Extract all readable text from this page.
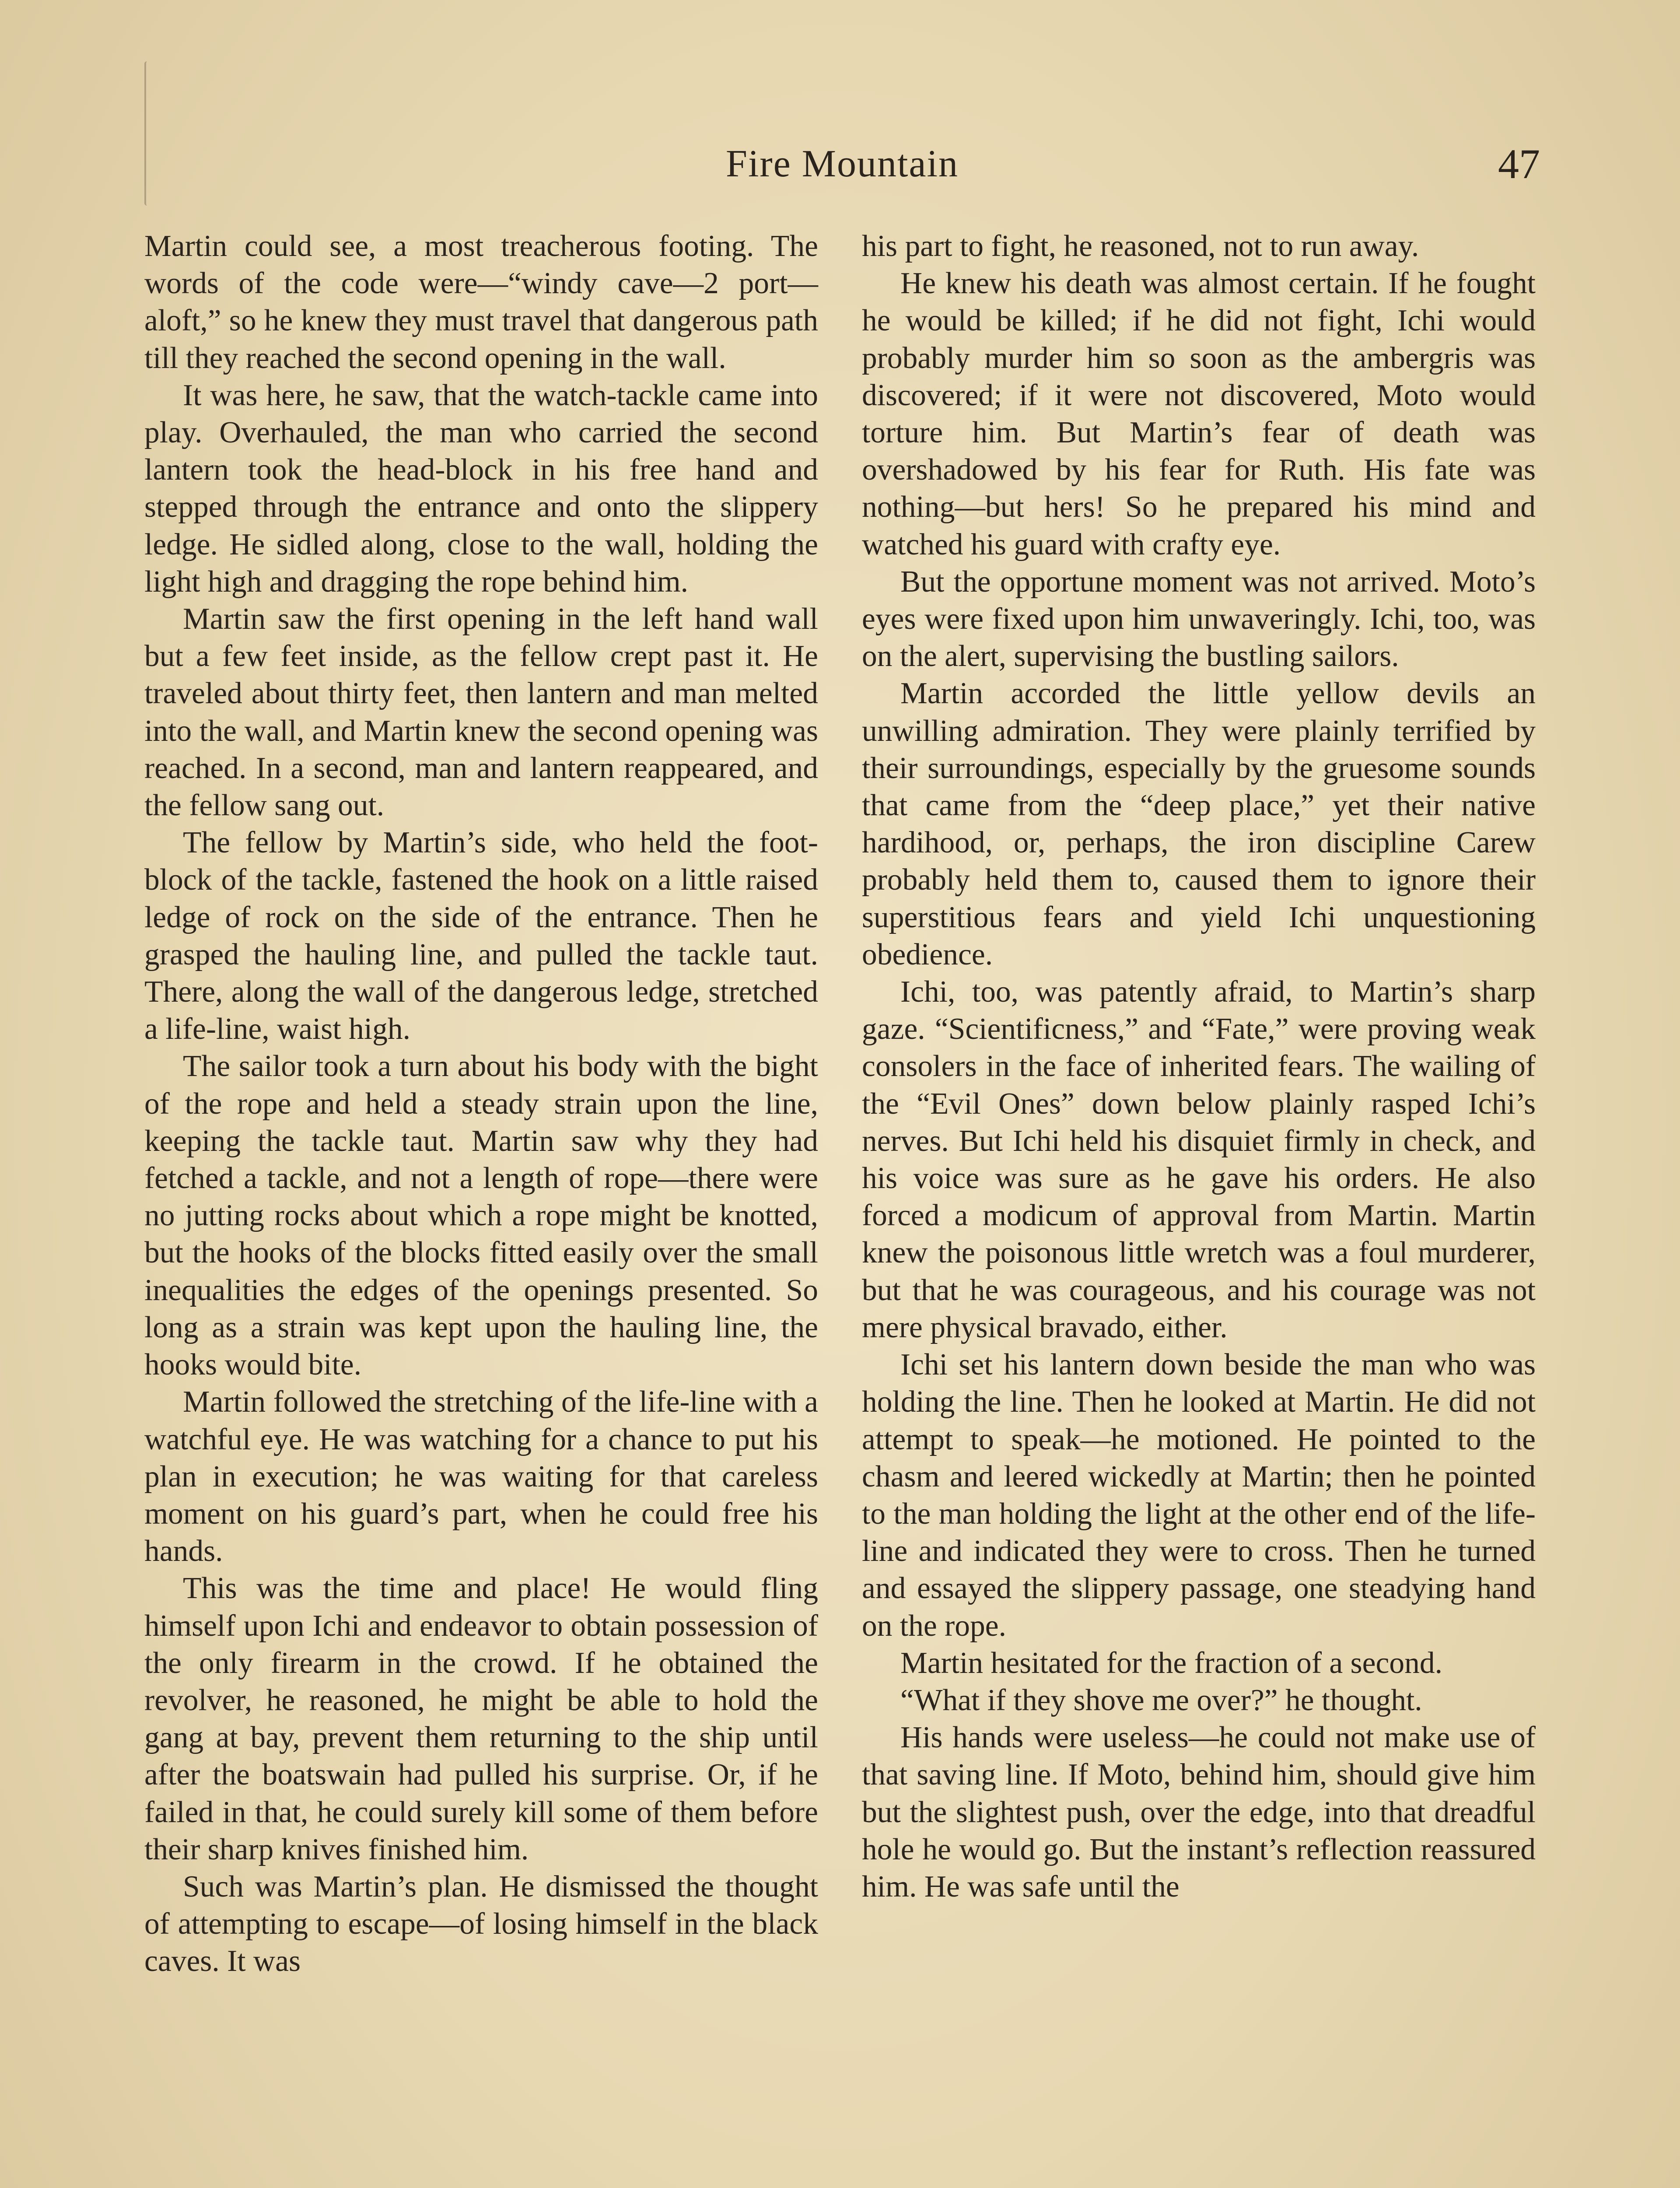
Fire Mountain	47

Martin could see, a most treacherous footing. The words of the code were—“windy cave—2 port—aloft,” so he knew they must travel that dangerous path till they reached the second opening in the wall.

It was here, he saw, that the watch-tackle came into play. Overhauled, the man who carried the second lantern took the head-block in his free hand and stepped through the entrance and onto the slippery ledge. He sidled along, close to the wall, holding the light high and dragging the rope behind him.

Martin saw the first opening in the left hand wall but a few feet inside, as the fellow crept past it. He traveled about thirty feet, then lantern and man melted into the wall, and Martin knew the second opening was reached. In a second, man and lantern reappeared, and the fellow sang out.

The fellow by Martin’s side, who held the foot-block of the tackle, fastened the hook on a little raised ledge of rock on the side of the entrance. Then he grasped the hauling line, and pulled the tackle taut. There, along the wall of the dangerous ledge, stretched a life-line, waist high.

The sailor took a turn about his body with the bight of the rope and held a steady strain upon the line, keeping the tackle taut. Martin saw why they had fetched a tackle, and not a length of rope—there were no jutting rocks about which a rope might be knotted, but the hooks of the blocks fitted easily over the small inequalities the edges of the openings presented. So long as a strain was kept upon the hauling line, the hooks would bite.

Martin followed the stretching of the life-line with a watchful eye. He was watching for a chance to put his plan in execution; he was waiting for that careless moment on his guard’s part, when he could free his hands.

This was the time and place! He would fling himself upon Ichi and endeavor to obtain possession of the only firearm in the crowd. If he obtained the revolver, he reasoned, he might be able to hold the gang at bay, prevent them returning to the ship until after the boatswain had pulled his surprise. Or, if he failed in that, he could surely kill some of them before their sharp knives finished him.

Such was Martin’s plan. He dismissed the thought of attempting to escape—of losing himself in the black caves. It was

his part to fight, he reasoned, not to run away.

He knew his death was almost certain. If he fought he would be killed; if he did not fight, Ichi would probably murder him so soon as the ambergris was discovered; if it were not discovered, Moto would torture him. But Martin’s fear of death was overshadowed by his fear for Ruth. His fate was nothing—but hers! So he prepared his mind and watched his guard with crafty eye.

But the opportune moment was not arrived. Moto’s eyes were fixed upon him unwaveringly. Ichi, too, was on the alert, supervising the bustling sailors.

Martin accorded the little yellow devils an unwilling admiration. They were plainly terrified by their surroundings, especially by the gruesome sounds that came from the “deep place,” yet their native hardihood, or, perhaps, the iron discipline Carew probably held them to, caused them to ignore their superstitious fears and yield Ichi unquestioning obedience.

Ichi, too, was patently afraid, to Martin’s sharp gaze. “Scientificness,” and “Fate,” were proving weak consolers in the face of inherited fears. The wailing of the “Evil Ones” down below plainly rasped Ichi’s nerves. But Ichi held his disquiet firmly in check, and his voice was sure as he gave his orders. He also forced a modicum of approval from Martin. Martin knew the poisonous little wretch was a foul murderer, but that he was courageous, and his courage was not mere physical bravado, either.

Ichi set his lantern down beside the man who was holding the line. Then he looked at Martin. He did not attempt to speak—he motioned. He pointed to the chasm and leered wickedly at Martin; then he pointed to the man holding the light at the other end of the life-line and indicated they were to cross. Then he turned and essayed the slippery passage, one steadying hand on the rope.

Martin hesitated for the fraction of a second.

“What if they shove me over?” he thought.

His hands were useless—he could not make use of that saving line. If Moto, behind him, should give him but the slightest push, over the edge, into that dreadful hole he would go. But the instant’s reflection reassured him. He was safe until the
